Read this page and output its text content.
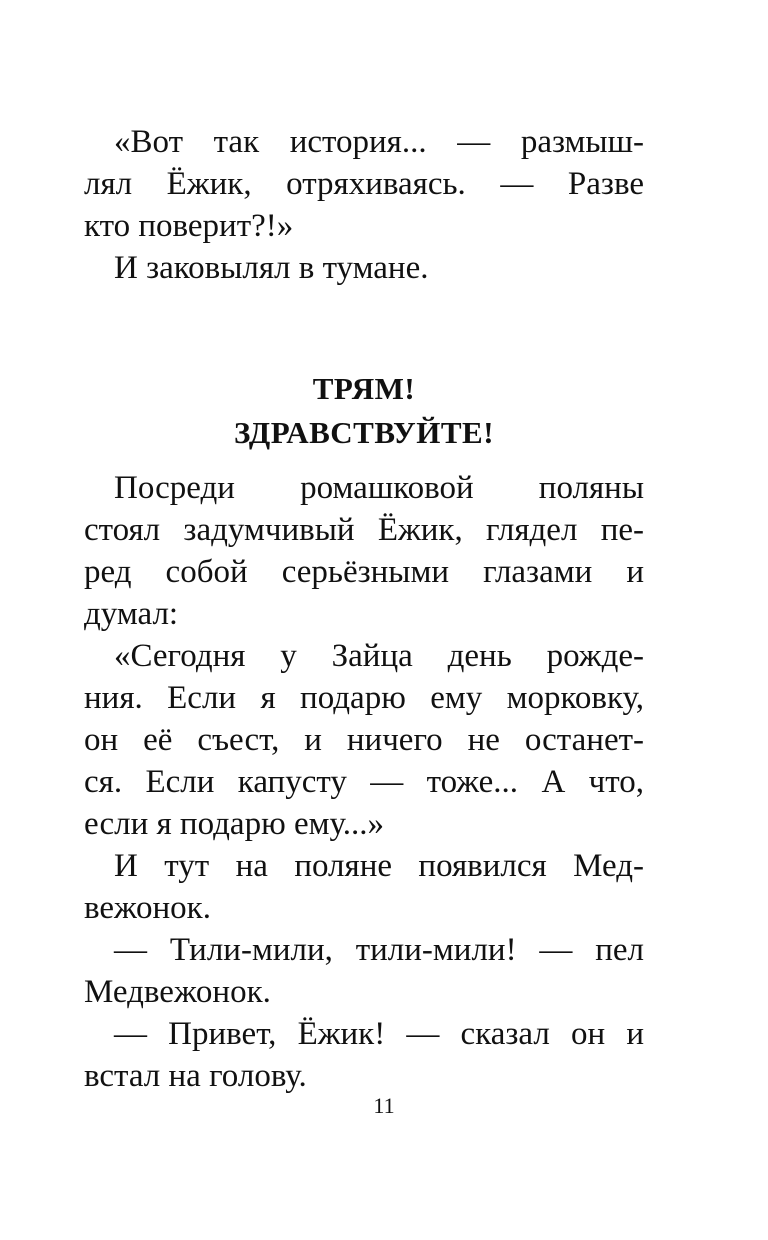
«Вот так история... — размыш-
лял Ёжик, отряхиваясь. — Разве
кто поверит?!»
И заковылял в тумане.
ТРЯМ!
ЗДРАВСТВУЙТЕ!
Посреди ромашковой поляны
стоял задумчивый Ёжик, глядел пе-
ред собой серьёзными глазами и
думал:
«Сегодня у Зайца день рожде-
ния. Если я подарю ему морковку,
он её съест, и ничего не останет-
ся. Если капусту — тоже... А что,
если я подарю ему...»
И тут на поляне появился Мед-
вежонок.
— Тили-мили, тили-мили! — пел
Медвежонок.
— Привет, Ёжик! — сказал он и
встал на голову.
11
